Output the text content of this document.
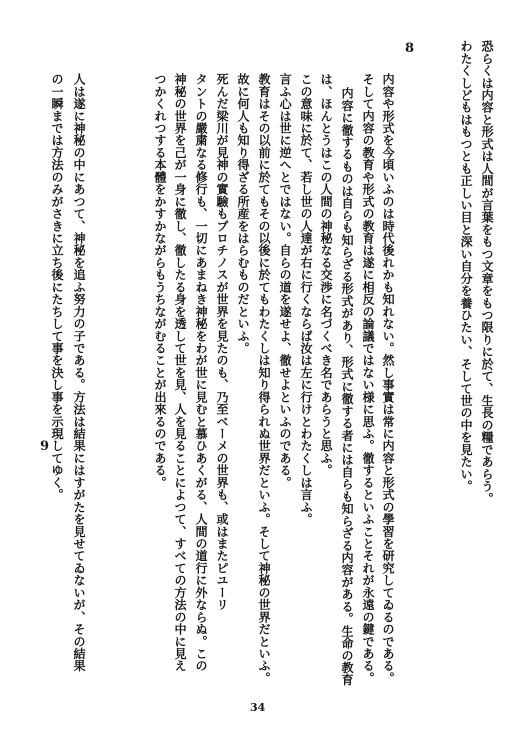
恐らくは内容と形式は人間が言葉をもつ文章をもつ限りに於て、生長の糧であらう。
わたくしどもはもつとも正しい目と深い自分を養ひたい、そして世の中を見たい。
8
内容や形式を今頃いふのは時代後れかも知れない。然し事實は常に内容と形式の學習を研究してゐるのである。
そして内容の教育や形式の教育は遂に相反の論議ではない様に思ふ。徹するといふことそれが永遠の鍵である。
内容に徹するものは自らも知らざる形式があり、形式に徹する者には自らも知らざる内容がある。生命の教育
は、ほんとうはこの人間の神秘なる交渉に名づくべき名であらうと思ふ。
この意味に於て、若し世の人達が右に行くならば汝は左に行けとわたくしは言ふ。
言ふ心は世に逆へとではない。自らの道を遂せよ、徹せよといふのである。
教育はその以前に於てもその以後に於てもわたくしは知り得られぬ世界だといふ。そして神秘の世界だといふ。
故に何人も知り得ざる所産をはらむものだといふ。
死んだ梁川が見神の實驗もプロチノスが世界を見たのも、乃至ベーメの世界も、或はまたピユーリ
タントの嚴粛なる修行も、一切にあまねき神秘をわが世に見むと慕ひあくがる、人間の道行に外ならぬ。この
神秘の世界を己が一身に徹し、徹したる身を透して世を見、人を見ることによつて、すべての方法の中に見え
つかくれつする本體をかすかながらもうちながむることが出來るのである。
9 人は遂に神秘の中にあつて、神秘を追ふ努力の子である。方法は結果にはすがたを見せてゐないが、その結果
の一瞬までは方法のみがさきに立ち後にたちして事を決し事を示現してゆく。
34
